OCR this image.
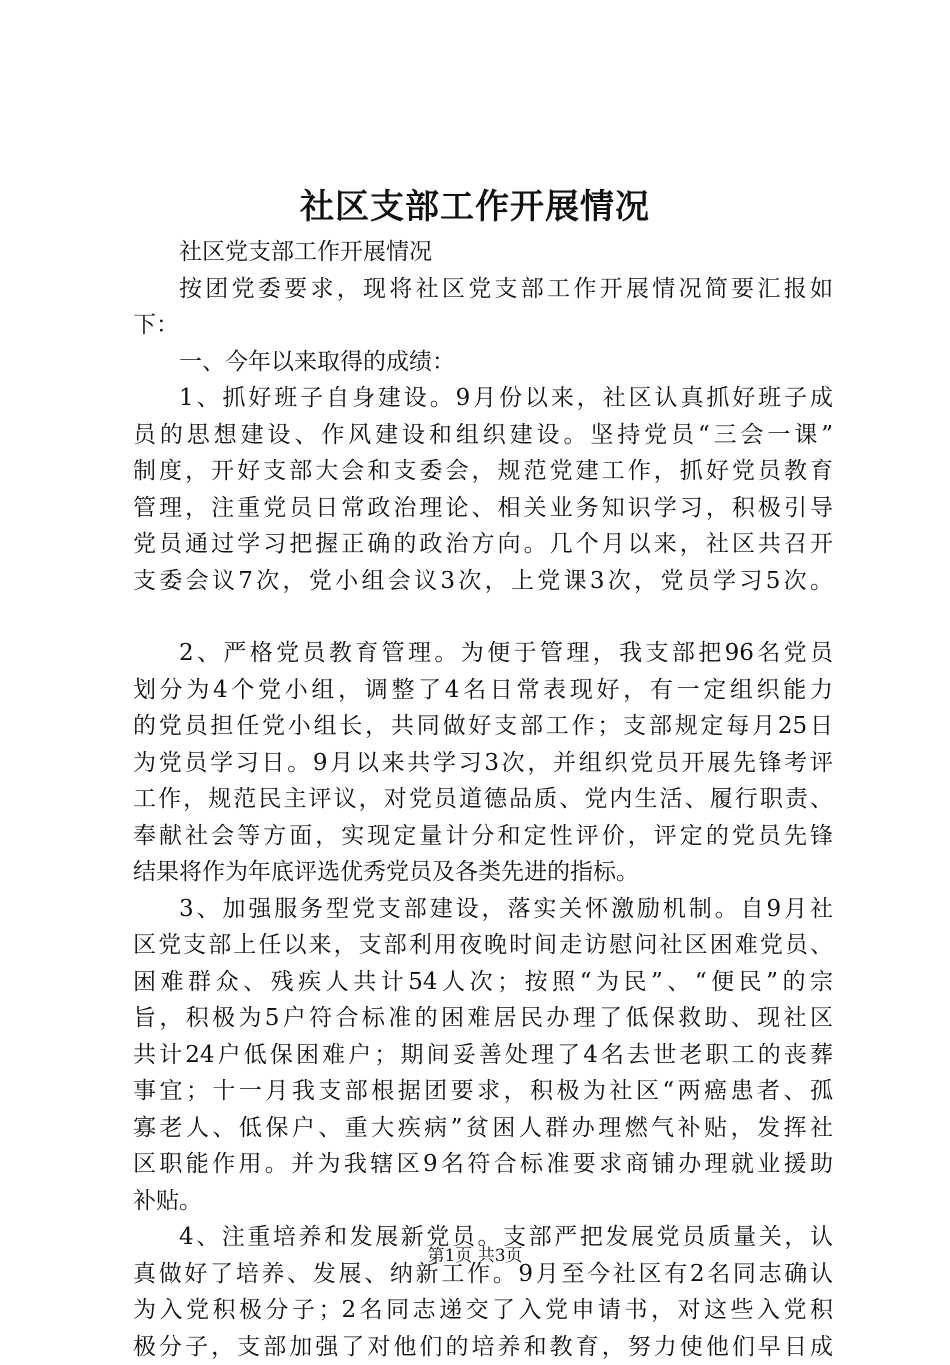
社区支部工作开展情况
社区党支部工作开展情况
按团党委要求，现将社区党支部工作开展情况简要汇报如
下：
一、今年以来取得的成绩：
1、抓好班子自身建设。9月份以来，社区认真抓好班子成
员的思想建设、作风建设和组织建设。坚持党员“三会一课”
制度，开好支部大会和支委会，规范党建工作，抓好党员教育
管理，注重党员日常政治理论、相关业务知识学习，积极引导
党员通过学习把握正确的政治方向。几个月以来，社区共召开
支委会议7次，党小组会议3次，上党课3次，党员学习5次。
2、严格党员教育管理。为便于管理，我支部把96名党员
划分为4个党小组，调整了4名日常表现好，有一定组织能力
的党员担任党小组长，共同做好支部工作；支部规定每月25日
为党员学习日。9月以来共学习3次，并组织党员开展先锋考评
工作，规范民主评议，对党员道德品质、党内生活、履行职责、
奉献社会等方面，实现定量计分和定性评价，评定的党员先锋
结果将作为年底评选优秀党员及各类先进的指标。
3、加强服务型党支部建设，落实关怀激励机制。自9月社
区党支部上任以来，支部利用夜晚时间走访慰问社区困难党员、
困难群众、残疾人共计54人次；按照“为民”、“便民”的宗
旨，积极为5户符合标准的困难居民办理了低保救助、现社区
共计24户低保困难户；期间妥善处理了4名去世老职工的丧葬
事宜；十一月我支部根据团要求，积极为社区“两癌患者、孤
寡老人、低保户、重大疾病”贫困人群办理燃气补贴，发挥社
区职能作用。并为我辖区9名符合标准要求商铺办理就业援助
补贴。
4、注重培养和发展新党员。支部严把发展党员质量关，认
真做好了培养、发展、纳新工作。9月至今社区有2名同志确认
为入党积极分子；2名同志递交了入党申请书，对这些入党积
极分子，支部加强了对他们的培养和教育，努力使他们早日成
第1页 共3页
